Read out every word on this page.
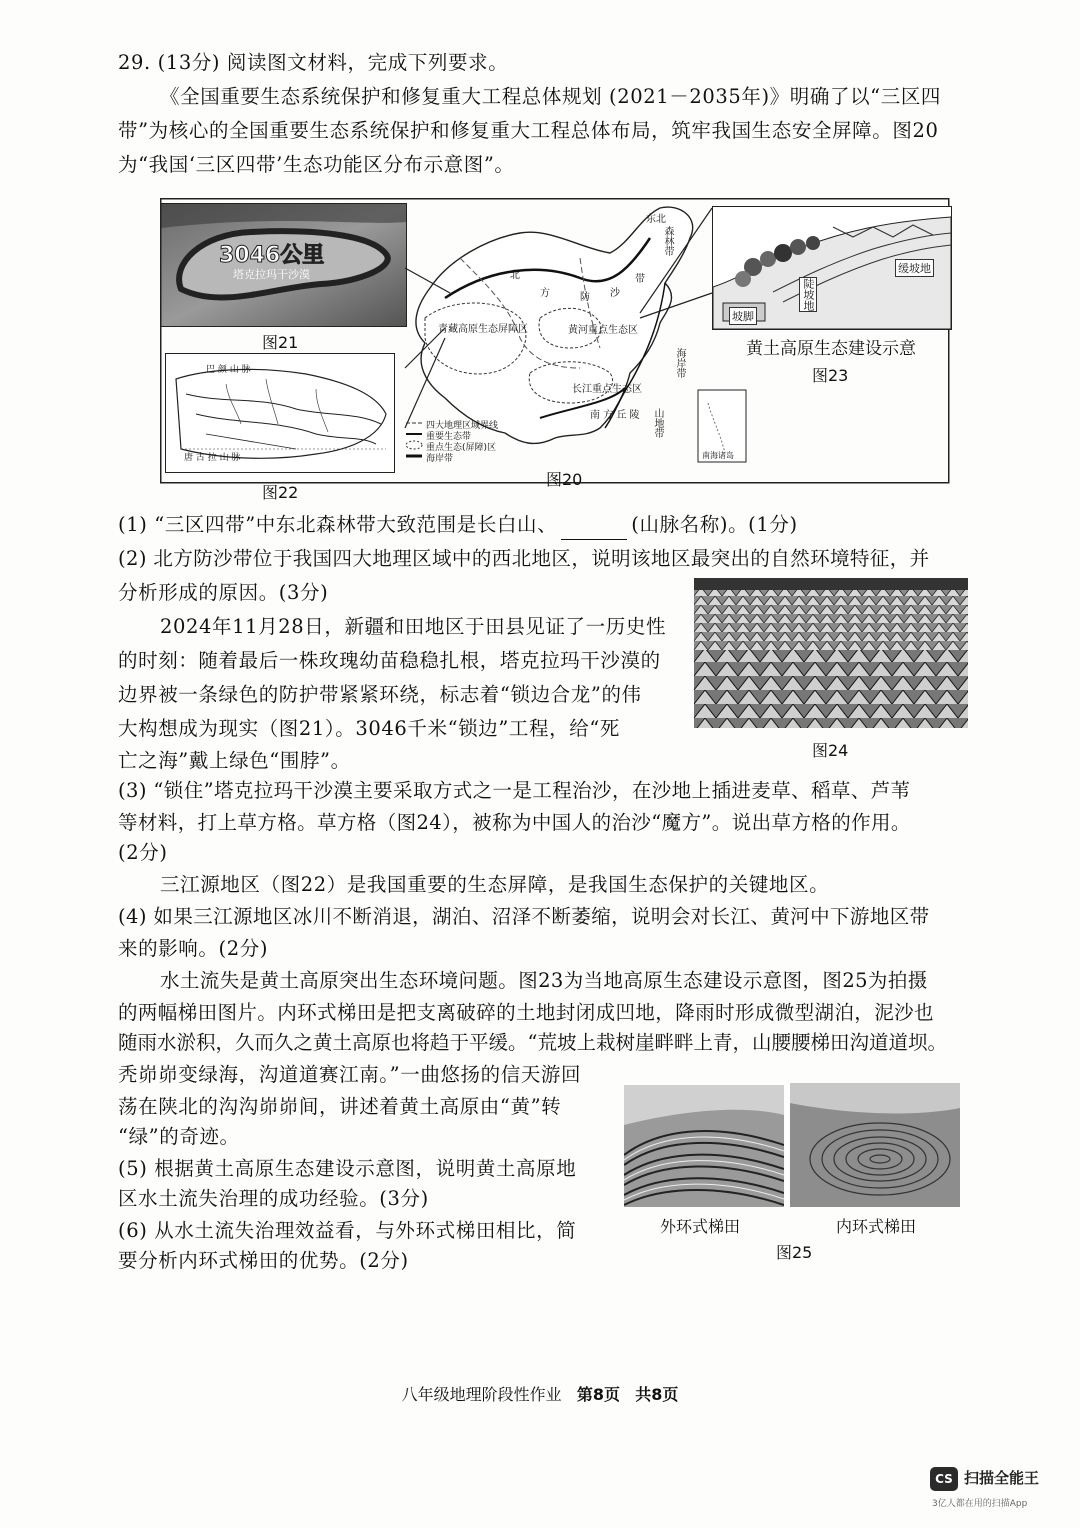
29. (13分) 阅读图文材料，完成下列要求。
《全国重要生态系统保护和修复重大工程总体规划 (2021－2035年)》明确了以“三区四
带”为核心的全国重要生态系统保护和修复重大工程总体布局，筑牢我国生态安全屏障。图20
为“我国‘三区四带’生态功能区分布示意图”。
3046公里
塔克拉玛干沙漠
图21
东北
森林带
北
方	防 沙
带
青藏高原生态屏障区	黄河重点生态区
长江重点生态区
南 方 丘 陵 山地带
海岸带
南海诸岛
四大地理区域界线
重要生态带
重点生态(屏障)区
海岸带
图20
巴 颜 山 脉
唐 古 拉 山 脉
图22
缓坡地
陡坡地
坡脚
黄土高原生态建设示意
图23
(1) “三区四带”中东北森林带大致范围是长白山、	(山脉名称)。(1分)
(2) 北方防沙带位于我国四大地理区域中的西北地区，说明该地区最突出的自然环境特征，并
分析形成的原因。(3分)
2024年11月28日，新疆和田地区于田县见证了一历史性
的时刻：随着最后一株玫瑰幼苗稳稳扎根，塔克拉玛干沙漠的
边界被一条绿色的防护带紧紧环绕，标志着“锁边合龙”的伟
大构想成为现实（图21）。3046千米“锁边”工程，给“死
亡之海”戴上绿色“围脖”。	图24
(3) “锁住”塔克拉玛干沙漠主要采取方式之一是工程治沙，在沙地上插进麦草、稻草、芦苇
等材料，打上草方格。草方格（图24），被称为中国人的治沙“魔方”。说出草方格的作用。
(2分)
三江源地区（图22）是我国重要的生态屏障，是我国生态保护的关键地区。
(4) 如果三江源地区冰川不断消退，湖泊、沼泽不断萎缩，说明会对长江、黄河中下游地区带
来的影响。(2分)
水土流失是黄土高原突出生态环境问题。图23为当地高原生态建设示意图，图25为拍摄
的两幅梯田图片。内环式梯田是把支离破碎的土地封闭成凹地，降雨时形成微型湖泊，泥沙也
随雨水淤积，久而久之黄土高原也将趋于平缓。“荒坡上栽树崖畔畔上青，山腰腰梯田沟道道坝。
秃峁峁变绿海，沟道道赛江南。”一曲悠扬的信天游回
荡在陕北的沟沟峁峁间，讲述着黄土高原由“黄”转
“绿”的奇迹。
(5) 根据黄土高原生态建设示意图，说明黄土高原地
区水土流失治理的成功经验。(3分)
(6) 从水土流失治理效益看，与外环式梯田相比，简
要分析内环式梯田的优势。(2分)
外环式梯田	内环式梯田
图25
八年级地理阶段性作业 第8页 共8页
CS 扫描全能王
3亿人都在用的扫描App
